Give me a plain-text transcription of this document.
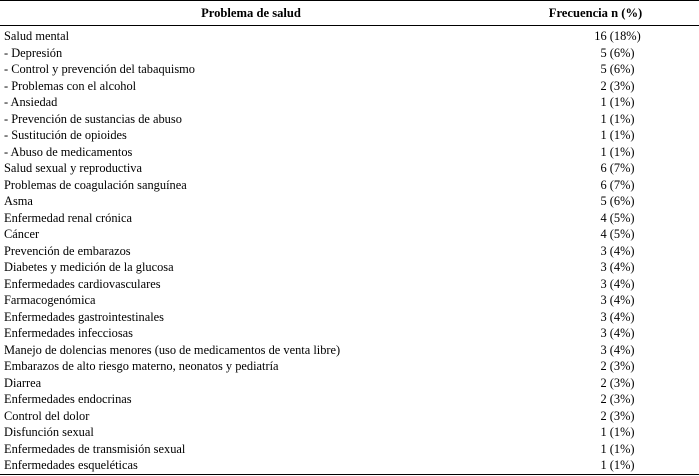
Problema de salud	Frecuencia n (%)
Salud mental	16 (18%)
- Depresión	5 (6%)
- Control y prevención del tabaquismo	5 (6%)
- Problemas con el alcohol	2 (3%)
- Ansiedad	1 (1%)
- Prevención de sustancias de abuso	1 (1%)
- Sustitución de opioides	1 (1%)
- Abuso de medicamentos	1 (1%)
Salud sexual y reproductiva	6 (7%)
Problemas de coagulación sanguínea	6 (7%)
Asma	5 (6%)
Enfermedad renal crónica	4 (5%)
Cáncer	4 (5%)
Prevención de embarazos	3 (4%)
Diabetes y medición de la glucosa	3 (4%)
Enfermedades cardiovasculares	3 (4%)
Farmacogenómica	3 (4%)
Enfermedades gastrointestinales	3 (4%)
Enfermedades infecciosas	3 (4%)
Manejo de dolencias menores (uso de medicamentos de venta libre)	3 (4%)
Embarazos de alto riesgo materno, neonatos y pediatría	2 (3%)
Diarrea	2 (3%)
Enfermedades endocrinas	2 (3%)
Control del dolor	2 (3%)
Disfunción sexual	1 (1%)
Enfermedades de transmisión sexual	1 (1%)
Enfermedades esqueléticas	1 (1%)
